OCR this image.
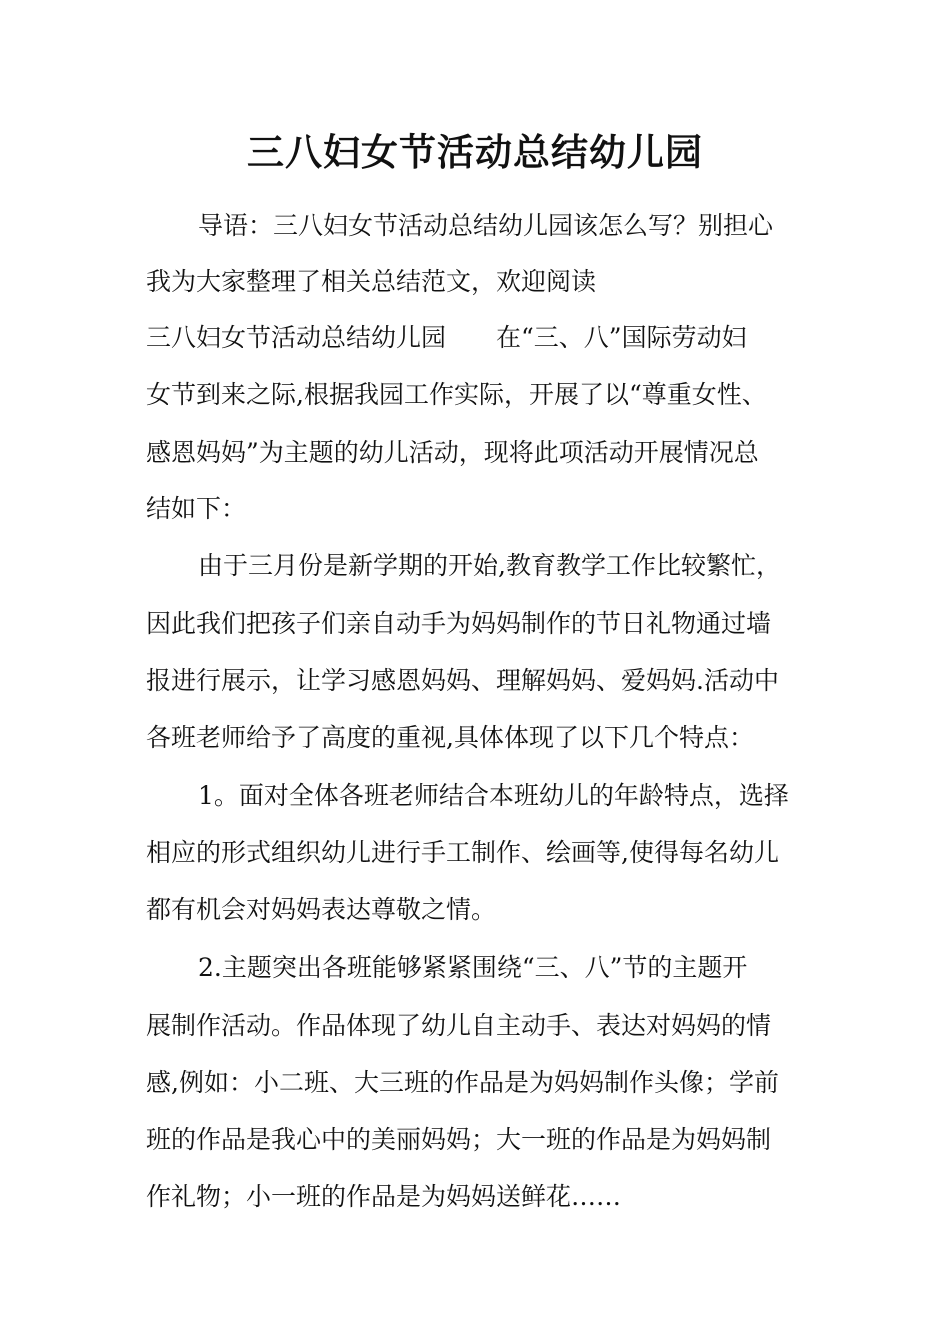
三八妇女节活动总结幼儿园
导语：三八妇女节活动总结幼儿园该怎么写？别担心
我为大家整理了相关总结范文，欢迎阅读
三八妇女节活动总结幼儿园　　在“三、八”国际劳动妇
女节到来之际,根据我园工作实际，开展了以“尊重女性、
感恩妈妈”为主题的幼儿活动，现将此项活动开展情况总
结如下：
由于三月份是新学期的开始,教育教学工作比较繁忙，
因此我们把孩子们亲自动手为妈妈制作的节日礼物通过墙
报进行展示，让学习感恩妈妈、理解妈妈、爱妈妈.活动中
各班老师给予了高度的重视,具体体现了以下几个特点：
1。面对全体各班老师结合本班幼儿的年龄特点，选择
相应的形式组织幼儿进行手工制作、绘画等,使得每名幼儿
都有机会对妈妈表达尊敬之情。
2.主题突出各班能够紧紧围绕“三、八”节的主题开
展制作活动。作品体现了幼儿自主动手、表达对妈妈的情
感,例如：小二班、大三班的作品是为妈妈制作头像；学前
班的作品是我心中的美丽妈妈；大一班的作品是为妈妈制
作礼物；小一班的作品是为妈妈送鲜花……
